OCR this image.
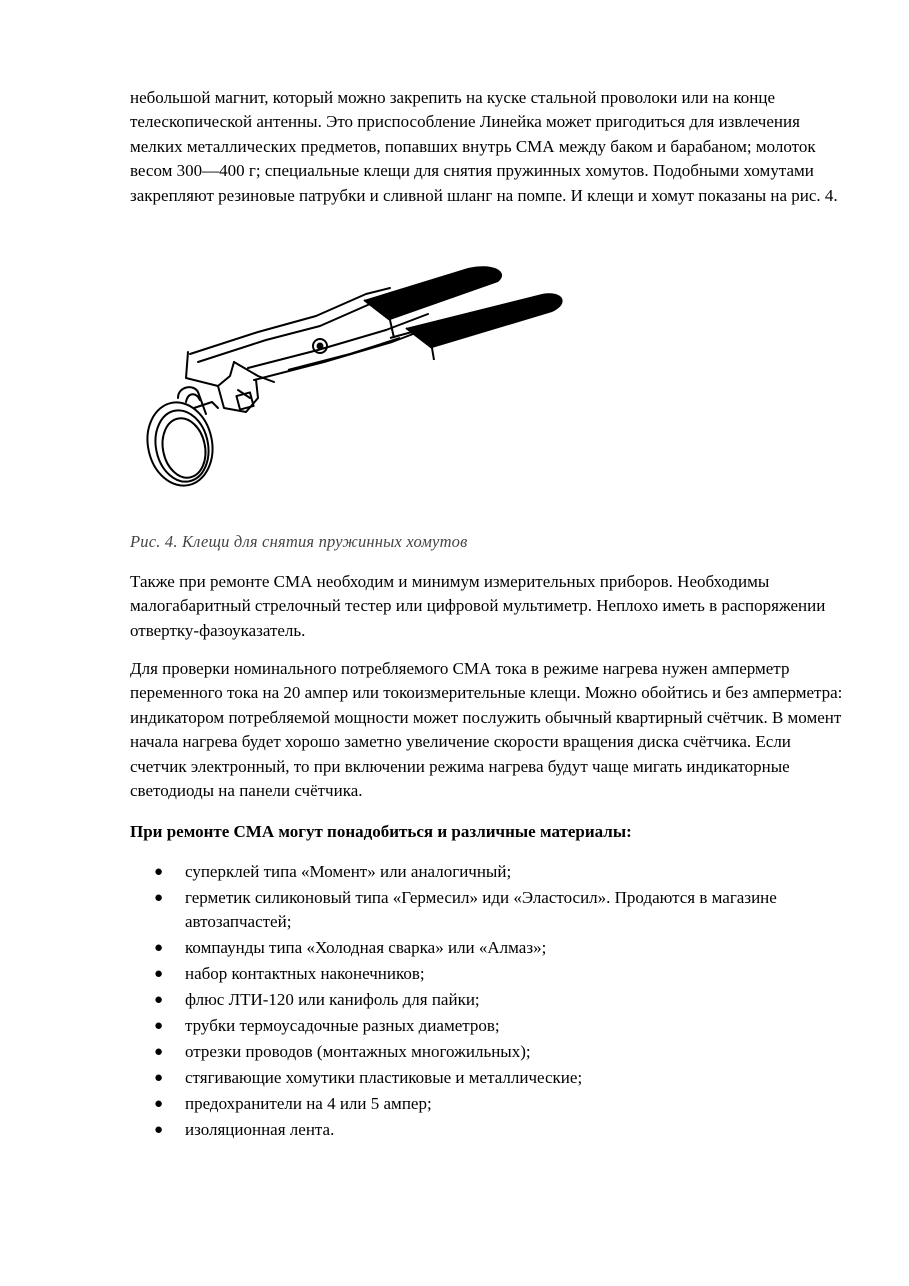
небольшой магнит, который можно закрепить на куске стальной проволоки или на конце телескопической антенны. Это приспособление Линейка может пригодиться для извлечения мелких металлических предметов, попавших внутрь СМА между баком и барабаном; молоток весом 300—400 г; специальные клещи для снятия пружинных хомутов. Подобными хомутами закрепляют резиновые патрубки и сливной шланг на помпе. И клещи и хомут показаны на рис. 4.

Рис. 4. Клещи для снятия пружинных хомутов

Также при ремонте СМА необходим и минимум измерительных приборов. Необходимы малогабаритный стрелочный тестер или цифровой мультиметр. Неплохо иметь в распоряжении отвертку-фазоуказатель.

Для проверки номинального потребляемого СМА тока в режиме нагрева нужен амперметр переменного тока на 20 ампер или токоизмерительные клещи. Можно обойтись и без амперметра: индикатором потребляемой мощности может послужить обычный квартирный счётчик. В момент начала нагрева будет хорошо заметно увеличение скорости вращения диска счётчика. Если счетчик электронный, то при включении режима нагрева будут чаще мигать индикаторные светодиоды на панели счётчика.

При ремонте СМА могут понадобиться и различные материалы:

● суперклей типа «Момент» или аналогичный;
● герметик силиконовый типа «Гермесил» иди «Эластосил». Продаются в магазине автозапчастей;
● компаунды типа «Холодная сварка» или «Алмаз»;
● набор контактных наконечников;
● флюс ЛТИ-120 или канифоль для пайки;
● трубки термоусадочные разных диаметров;
● отрезки проводов (монтажных многожильных);
● стягивающие хомутики пластиковые и металлические;
● предохранители на 4 или 5 ампер;
● изоляционная лента.
